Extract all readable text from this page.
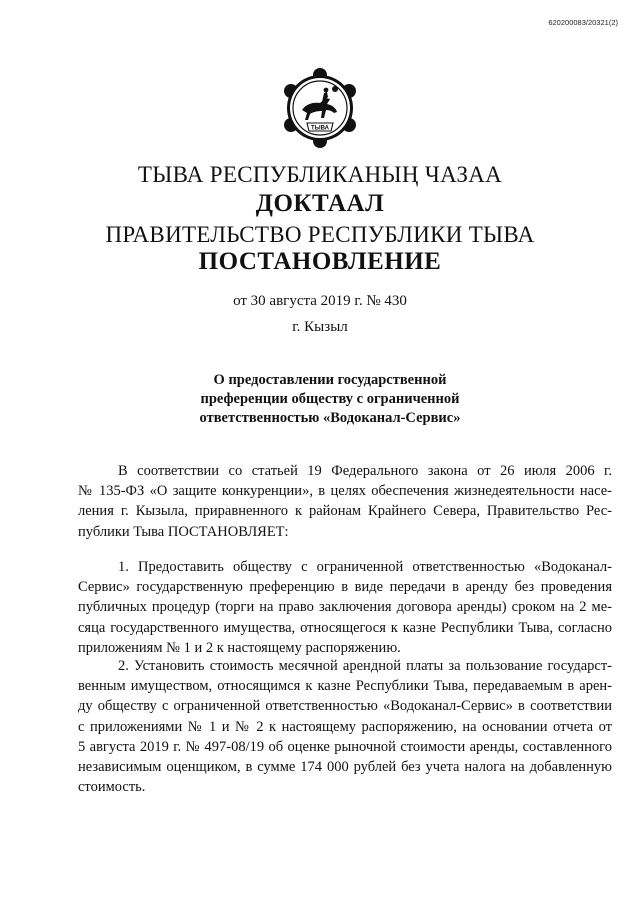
620200083/20321(2)
ТЫВА
ТЫВА РЕСПУБЛИКАНЫҢ ЧАЗАА
ДОКТААЛ
ПРАВИТЕЛЬСТВО РЕСПУБЛИКИ ТЫВА
ПОСТАНОВЛЕНИЕ
от 30 августа 2019 г. № 430
г. Кызыл
О предоставлении государственной
преференции обществу с ограниченной
ответственностью «Водоканал-Сервис»
В соответствии со статьей 19 Федерального закона от 26 июля 2006 г.
№ 135-ФЗ «О защите конкуренции», в целях обеспечения жизнедеятельности насе-
ления г. Кызыла, приравненного к районам Крайнего Севера, Правительство Рес-
публики Тыва ПОСТАНОВЛЯЕТ:
1. Предоставить обществу с ограниченной ответственностью «Водоканал-
Сервис» государственную преференцию в виде передачи в аренду без проведения
публичных процедур (торги на право заключения договора аренды) сроком на 2 ме-
сяца государственного имущества, относящегося к казне Республики Тыва, согласно
приложениям № 1 и 2 к настоящему распоряжению.
2. Установить стоимость месячной арендной платы за пользование государст-
венным имуществом, относящимся к казне Республики Тыва, передаваемым в арен-
ду обществу с ограниченной ответственностью «Водоканал-Сервис» в соответствии
с приложениями № 1 и № 2 к настоящему распоряжению, на основании отчета от
5 августа 2019 г. № 497-08/19 об оценке рыночной стоимости аренды, составленного
независимым оценщиком, в сумме 174 000 рублей без учета налога на добавленную
стоимость.
